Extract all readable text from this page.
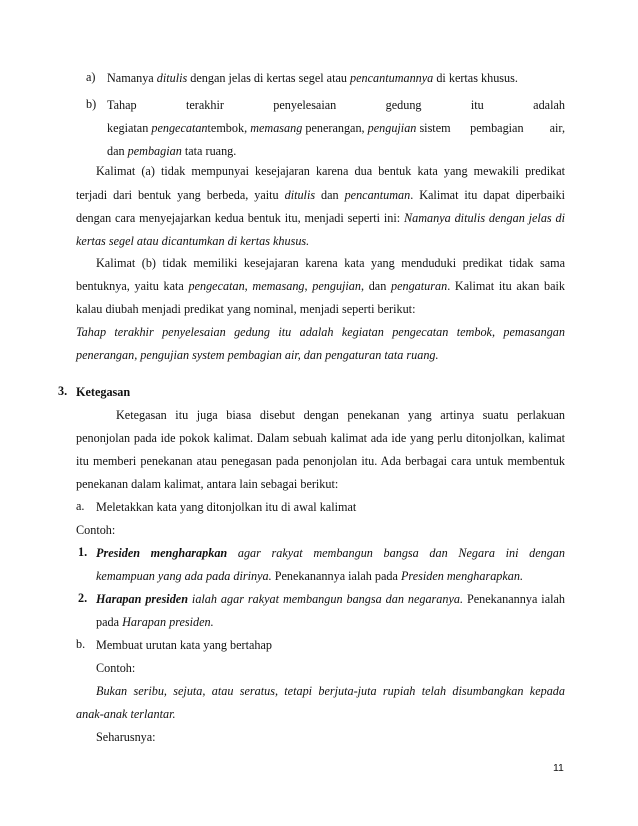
a) Namanya ditulis dengan jelas di kertas segel atau pencantumannya di kertas khusus.
b) Tahap	terakhir	penyelesaian	gedung	itu	adalah
kegiatan pengecatantembok, memasang penerangan, pengujian sistem	pembagian air,
dan pembagian tata ruang.
Kalimat (a) tidak mempunyai kesejajaran karena dua bentuk kata yang mewakili predikat
terjadi dari bentuk yang berbeda, yaitu ditulis dan pencantuman. Kalimat itu dapat diperbaiki
dengan cara menyejajarkan kedua bentuk itu, menjadi seperti ini: Namanya ditulis dengan jelas di
kertas segel atau dicantumkan di kertas khusus.
Kalimat (b) tidak memiliki kesejajaran karena kata yang menduduki predikat tidak sama
bentuknya, yaitu kata pengecatan, memasang, pengujian, dan pengaturan. Kalimat itu akan baik
kalau diubah menjadi predikat yang nominal, menjadi seperti berikut:
Tahap terakhir penyelesaian gedung itu adalah kegiatan pengecatan tembok, pemasangan
penerangan, pengujian system pembagian air, dan pengaturan tata ruang.
3. Ketegasan
Ketegasan itu juga biasa disebut dengan penekanan yang artinya suatu perlakuan
penonjolan pada ide pokok kalimat. Dalam sebuah kalimat ada ide yang perlu ditonjolkan, kalimat
itu memberi penekanan atau penegasan pada penonjolan itu. Ada berbagai cara untuk membentuk
penekanan dalam kalimat, antara lain sebagai berikut:
a. Meletakkan kata yang ditonjolkan itu di awal kalimat
Contoh:
1. Presiden mengharapkan agar rakyat membangun bangsa dan Negara ini dengan
kemampuan yang ada pada dirinya. Penekanannya ialah pada Presiden mengharapkan.
2. Harapan presiden ialah agar rakyat membangun bangsa dan negaranya. Penekanannya ialah
pada Harapan presiden.
b. Membuat urutan kata yang bertahap
Contoh:
Bukan seribu, sejuta, atau seratus, tetapi berjuta-juta rupiah telah disumbangkan kepada
anak-anak terlantar.
Seharusnya:
11
